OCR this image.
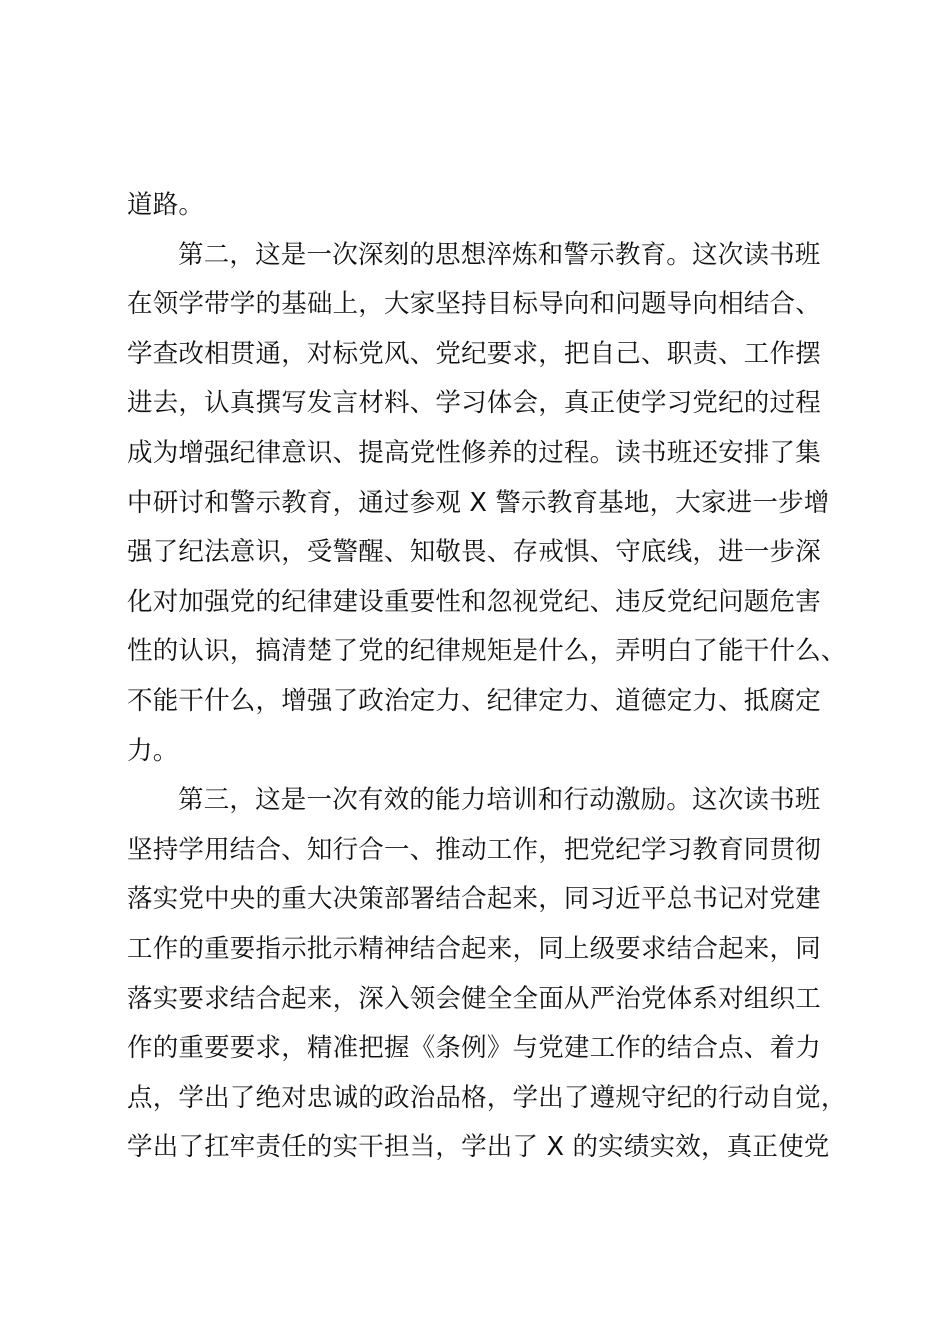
道路。
第二，这是一次深刻的思想淬炼和警示教育。这次读书班
在领学带学的基础上，大家坚持目标导向和问题导向相结合、
学查改相贯通，对标党风、党纪要求，把自己、职责、工作摆
进去，认真撰写发言材料、学习体会，真正使学习党纪的过程
成为增强纪律意识、提高党性修养的过程。读书班还安排了集
中研讨和警示教育，通过参观 X 警示教育基地，大家进一步增
强了纪法意识，受警醒、知敬畏、存戒惧、守底线，进一步深
化对加强党的纪律建设重要性和忽视党纪、违反党纪问题危害
性的认识，搞清楚了党的纪律规矩是什么，弄明白了能干什么、
不能干什么，增强了政治定力、纪律定力、道德定力、抵腐定
力。
第三，这是一次有效的能力培训和行动激励。这次读书班
坚持学用结合、知行合一、推动工作，把党纪学习教育同贯彻
落实党中央的重大决策部署结合起来，同习近平总书记对党建
工作的重要指示批示精神结合起来，同上级要求结合起来，同
落实要求结合起来，深入领会健全全面从严治党体系对组织工
作的重要要求，精准把握《条例》与党建工作的结合点、着力
点，学出了绝对忠诚的政治品格，学出了遵规守纪的行动自觉，
学出了扛牢责任的实干担当，学出了 X 的实绩实效，真正使党
